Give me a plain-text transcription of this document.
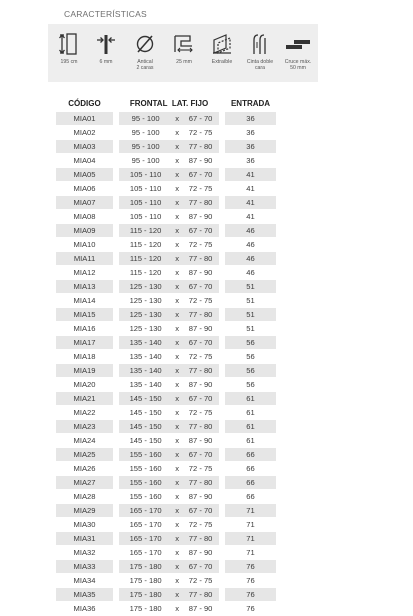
CARACTERÍSTICAS
195 cm	6 mm	Antical
2 caras
25 mm	Extraíble	Cinta doble
cara
Cruce máx.
50 mm
CÓDIGO		FRONTAL LAT. FIJO				ENTRADA
MIA01		95 - 100	x	67 - 70		36
MIA02		95 - 100	x	72 - 75		36
MIA03		95 - 100	x	77 - 80		36
MIA04		95 - 100	x	87 - 90		36
MIA05		105 - 110	x	67 - 70		41
MIA06		105 - 110	x	72 - 75		41
MIA07		105 - 110	x	77 - 80		41
MIA08		105 - 110	x	87 - 90		41
MIA09		115 - 120	x	67 - 70		46
MIA10		115 - 120	x	72 - 75		46
MIA11		115 - 120	x	77 - 80		46
MIA12		115 - 120	x	87 - 90		46
MIA13		125 - 130	x	67 - 70		51
MIA14		125 - 130	x	72 - 75		51
MIA15		125 - 130	x	77 - 80		51
MIA16		125 - 130	x	87 - 90		51
MIA17		135 - 140	x	67 - 70		56
MIA18		135 - 140	x	72 - 75		56
MIA19		135 - 140	x	77 - 80		56
MIA20		135 - 140	x	87 - 90		56
MIA21		145 - 150	x	67 - 70		61
MIA22		145 - 150	x	72 - 75		61
MIA23		145 - 150	x	77 - 80		61
MIA24		145 - 150	x	87 - 90		61
MIA25		155 - 160	x	67 - 70		66
MIA26		155 - 160	x	72 - 75		66
MIA27		155 - 160	x	77 - 80		66
MIA28		155 - 160	x	87 - 90		66
MIA29		165 - 170	x	67 - 70		71
MIA30		165 - 170	x	72 - 75		71
MIA31		165 - 170	x	77 - 80		71
MIA32		165 - 170	x	87 - 90		71
MIA33		175 - 180	x	67 - 70		76
MIA34		175 - 180	x	72 - 75		76
MIA35		175 - 180	x	77 - 80		76
MIA36		175 - 180	x	87 - 90		76
